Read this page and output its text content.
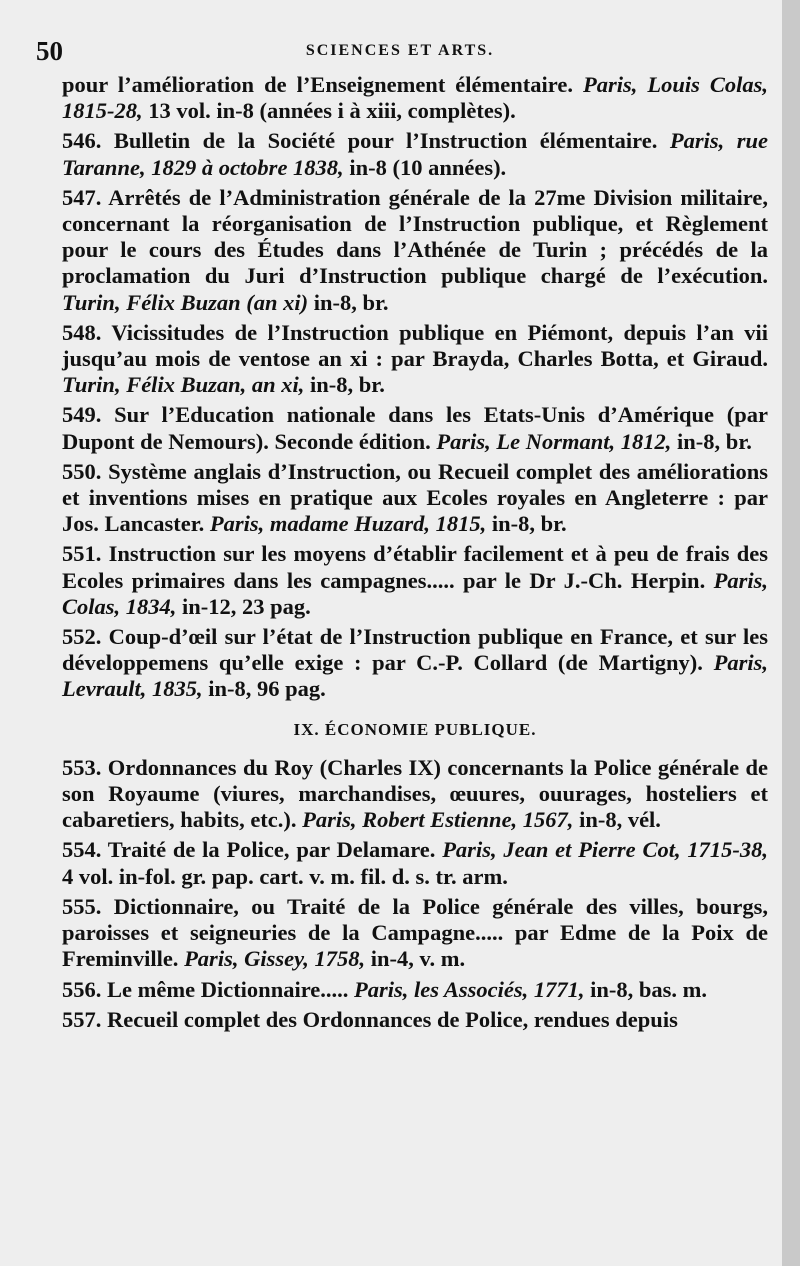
50	SCIENCES ET ARTS.

pour l’amélioration de l’Enseignement élémentaire. Paris, Louis Colas, 1815-28, 13 vol. in-8 (années i à xiii, complètes).

546. Bulletin de la Société pour l’Instruction élémentaire. Paris, rue Taranne, 1829 à octobre 1838, in-8 (10 années).

547. Arrêtés de l’Administration générale de la 27me Division militaire, concernant la réorganisation de l’Instruction publique, et Règlement pour le cours des Études dans l’Athénée de Turin ; précédés de la proclamation du Juri d’Instruction publique chargé de l’exécution. Turin, Félix Buzan (an xi) in-8, br.

548. Vicissitudes de l’Instruction publique en Piémont, depuis l’an vii jusqu’au mois de ventose an xi : par Brayda, Charles Botta, et Giraud. Turin, Félix Buzan, an xi, in-8, br.

549. Sur l’Education nationale dans les Etats-Unis d’Amérique (par Dupont de Nemours). Seconde édition. Paris, Le Normant, 1812, in-8, br.

550. Système anglais d’Instruction, ou Recueil complet des améliorations et inventions mises en pratique aux Ecoles royales en Angleterre : par Jos. Lancaster. Paris, madame Huzard, 1815, in-8, br.

551. Instruction sur les moyens d’établir facilement et à peu de frais des Ecoles primaires dans les campagnes..... par le Dr J.-Ch. Herpin. Paris, Colas, 1834, in-12, 23 pag.

552. Coup-d’œil sur l’état de l’Instruction publique en France, et sur les développemens qu’elle exige : par C.-P. Collard (de Martigny). Paris, Levrault, 1835, in-8, 96 pag.

IX. ÉCONOMIE PUBLIQUE.

553. Ordonnances du Roy (Charles IX) concernants la Police générale de son Royaume (viures, marchandises, œuures, ouurages, hosteliers et cabaretiers, habits, etc.). Paris, Robert Estienne, 1567, in-8, vél.

554. Traité de la Police, par Delamare. Paris, Jean et Pierre Cot, 1715-38, 4 vol. in-fol. gr. pap. cart. v. m. fil. d. s. tr. arm.

555. Dictionnaire, ou Traité de la Police générale des villes, bourgs, paroisses et seigneuries de la Campagne..... par Edme de la Poix de Freminville. Paris, Gissey, 1758, in-4, v. m.

556. Le même Dictionnaire..... Paris, les Associés, 1771, in-8, bas. m.

557. Recueil complet des Ordonnances de Police, rendues depuis
